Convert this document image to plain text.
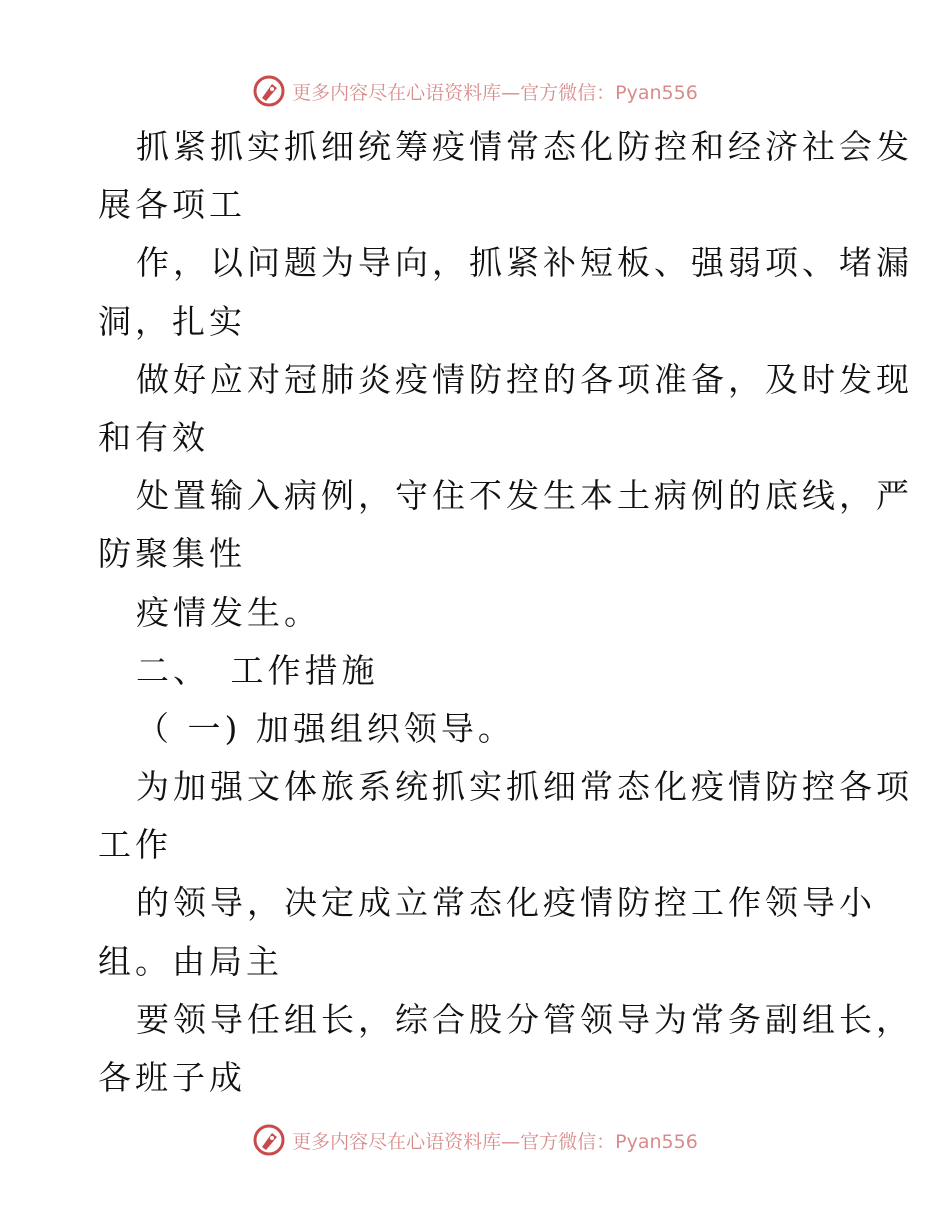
更多内容尽在心语资料库—官方微信：Pyan556

抓紧抓实抓细统筹疫情常态化防控和经济社会发

展各项工

作，以问题为导向，抓紧补短板、强弱项、堵漏

洞，扎实

做好应对冠肺炎疫情防控的各项准备，及时发现

和有效

处置输入病例，守住不发生本土病例的底线，严

防聚集性

疫情发生。

二、　工作措施

（ 一) 加强组织领导。

为加强文体旅系统抓实抓细常态化疫情防控各项

工作

的领导，决定成立常态化疫情防控工作领导小

组。由局主

要领导任组长，综合股分管领导为常务副组长，

各班子成

更多内容尽在心语资料库—官方微信：Pyan556
